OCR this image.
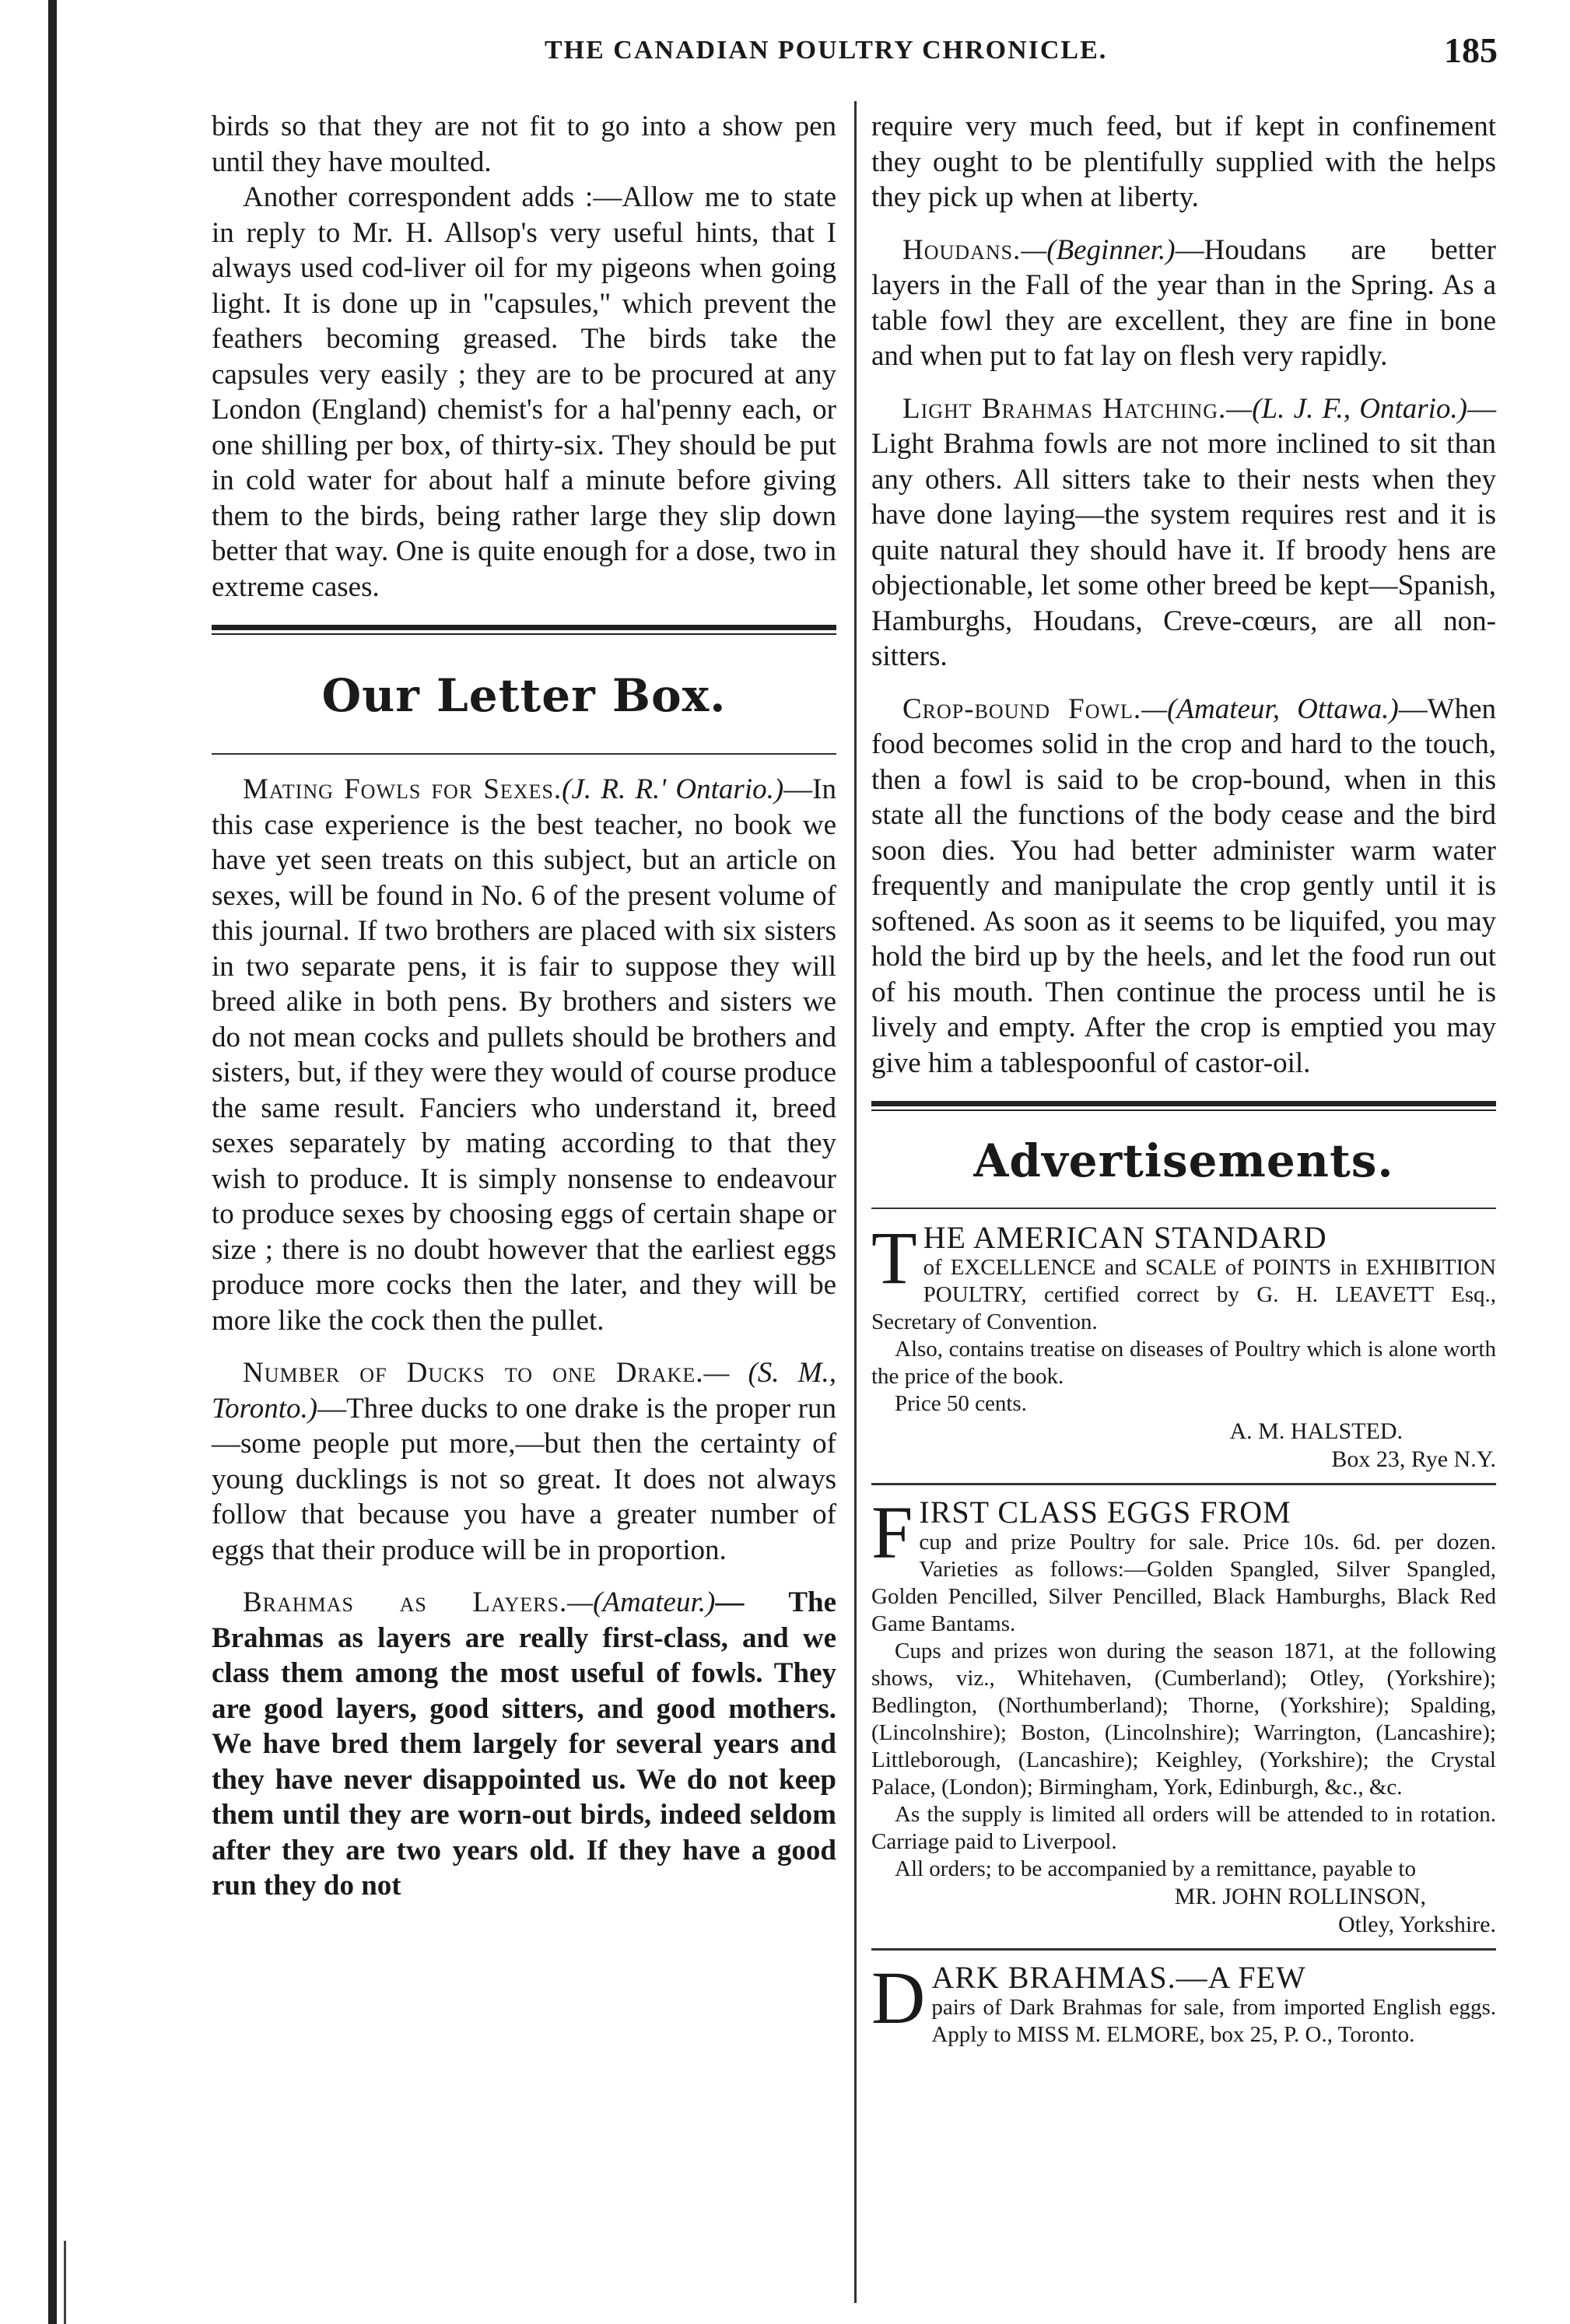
THE CANADIAN POULTRY CHRONICLE.	185

birds so that they are not fit to go into a show pen until they have moulted.

Another correspondent adds :—Allow me to state in reply to Mr. H. Allsop's very useful hints, that I always used cod-liver oil for my pigeons when going light. It is done up in "capsules," which prevent the feathers becoming greased. The birds take the capsules very easily ; they are to be procured at any London (England) chemist's for a hal'penny each, or one shilling per box, of thirty-six. They should be put in cold water for about half a minute before giving them to the birds, being rather large they slip down better that way. One is quite enough for a dose, two in extreme cases.

Our Letter Box.

Mating Fowls for Sexes.(J. R. R.' Ontario.)—In this case experience is the best teacher, no book we have yet seen treats on this subject, but an article on sexes, will be found in No. 6 of the present volume of this journal. If two brothers are placed with six sisters in two separate pens, it is fair to suppose they will breed alike in both pens. By brothers and sisters we do not mean cocks and pullets should be brothers and sisters, but, if they were they would of course produce the same result. Fanciers who understand it, breed sexes separately by mating according to that they wish to produce. It is simply nonsense to endeavour to produce sexes by choosing eggs of certain shape or size ; there is no doubt however that the earliest eggs produce more cocks then the later, and they will be more like the cock then the pullet.

Number of Ducks to one Drake.— (S. M., Toronto.)—Three ducks to one drake is the proper run—some people put more,—but then the certainty of young ducklings is not so great. It does not always follow that because you have a greater number of eggs that their produce will be in proportion.

Brahmas as Layers.—(Amateur.)— The Brahmas as layers are really first-class, and we class them among the most useful of fowls. They are good layers, good sitters, and good mothers. We have bred them largely for several years and they have never disappointed us. We do not keep them until they are worn-out birds, indeed seldom after they are two years old. If they have a good run they do not

require very much feed, but if kept in confinement they ought to be plentifully supplied with the helps they pick up when at liberty.

Houdans.—(Beginner.)—Houdans are better layers in the Fall of the year than in the Spring. As a table fowl they are excellent, they are fine in bone and when put to fat lay on flesh very rapidly.

Light Brahmas Hatching.—(L. J. F., Ontario.)—Light Brahma fowls are not more inclined to sit than any others. All sitters take to their nests when they have done laying—the system requires rest and it is quite natural they should have it. If broody hens are objectionable, let some other breed be kept—Spanish, Hamburghs, Houdans, Creve-cœurs, are all non-sitters.

Crop-bound Fowl.—(Amateur, Ottawa.)—When food becomes solid in the crop and hard to the touch, then a fowl is said to be crop-bound, when in this state all the functions of the body cease and the bird soon dies. You had better administer warm water frequently and manipulate the crop gently until it is softened. As soon as it seems to be liquifed, you may hold the bird up by the heels, and let the food run out of his mouth. Then continue the process until he is lively and empty. After the crop is emptied you may give him a tablespoonful of castor-oil.

Advertisements.
T HE AMERICAN STANDARD
of EXCELLENCE and SCALE of POINTS in EXHIBITION POULTRY, certified correct by G. H. LEAVETT Esq., Secretary of Convention.
Also, contains treatise on diseases of Poultry which is alone worth the price of the book.
Price 50 cents.
A. M. HALSTED.
Box 23, Rye N.Y.
F IRST CLASS EGGS FROM
cup and prize Poultry for sale. Price 10s. 6d. per dozen. Varieties as follows:—Golden Spangled, Silver Spangled, Golden Pencilled, Silver Pencilled, Black Hamburghs, Black Red Game Bantams.
Cups and prizes won during the season 1871, at the following shows, viz., Whitehaven, (Cumberland); Otley, (Yorkshire); Bedlington, (Northumberland); Thorne, (Yorkshire); Spalding, (Lincolnshire); Boston, (Lincolnshire); Warrington, (Lancashire); Littleborough, (Lancashire); Keighley, (Yorkshire); the Crystal Palace, (London); Birmingham, York, Edinburgh, &c., &c.
As the supply is limited all orders will be attended to in rotation. Carriage paid to Liverpool.
All orders; to be accompanied by a remittance, payable to
MR. JOHN ROLLINSON,
Otley, Yorkshire.
D ARK BRAHMAS.—A FEW
pairs of Dark Brahmas for sale, from imported English eggs. Apply to MISS M. ELMORE, box 25, P. O., Toronto.
